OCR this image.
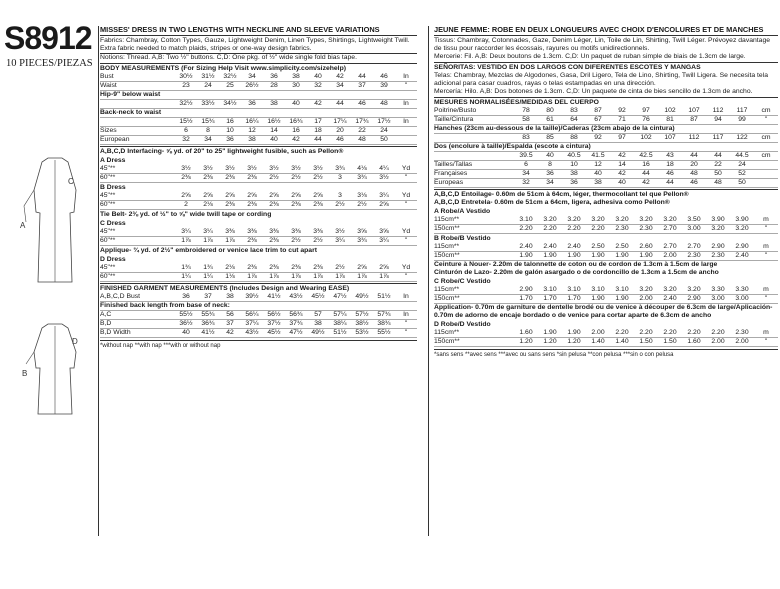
S8912
10 PIECES/PIEZAS
C
A
D
B
MISSES' DRESS IN TWO LENGTHS WITH NECKLINE AND SLEEVE VARIATIONS
Fabrics: Chambray, Cotton Types, Gauze, Lightweight Denim, Linen Types, Shirtings, Lightweight Twill. Extra fabric needed to match plaids, stripes or one-way design fabrics.
Notions: Thread. A,B: Two ½" buttons. C,D: One pkg. of ½" wide single fold bias tape.
BODY MEASUREMENTS (For Sizing Help Visit www.simplicity.com/sizehelp)
Bust	30½	31½	32½	34	36	38	40	42	44	46	In
Waist	23	24	25	26½	28	30	32	34	37	39	"
Hip-9" below waist
32½	33½	34½	36	38	40	42	44	46	48	In
Back-neck to waist
15½	15¾	16	16¼	16½	16¾	17	17¼	17¾	17½	In
Sizes	6	8	10	12	14	16	18	20	22	24
European	32	34	36	38	40	42	44	46	48	50
A,B,C,D Interfacing- ⅝ yd. of 20" to 25" lightweight fusible, such as Pellon®
A Dress
45"**	3½	3½	3½	3½	3½	3½	3½	3¾	4⅛	4¼	Yd
60"**	2⅜	2⅜	2⅜	2⅜	2½	2½	2½	3	3¾	3½	"
B Dress
45"**	2⅝	2⅝	2⅝	2⅝	2⅝	2⅝	2⅝	3	3⅛	3¼	Yd
60"**	2	2⅛	2⅜	2⅜	2⅜	2⅜	2⅜	2½	2½	2⅝	"
Tie Belt- 2⅜ yd. of ½" to ⅝" wide twill tape or cording
C Dress
45"**	3¼	3¼	3⅜	3⅜	3⅜	3⅜	3⅜	3½	3⅝	3⅝	Yd
60"**	1⅞	1⅞	1⅞	2⅜	2⅜	2½	2½	3¼	3¾	3¼	"
Applique- ¾ yd. of 2½" embroidered or venice lace trim to cut apart
D Dress
45"**	1¾	1¾	2⅛	2⅜	2⅜	2⅜	2⅜	2½	2⅝	2⅝	Yd
60"**	1¼	1¼	1⅛	1⅞	1⅞	1⅞	1⅞	1⅞	1⅞	1⅞	"
FINISHED GARMENT MEASUREMENTS (Includes Design and Wearing EASE)
A,B,C,D Bust	36	37	38	39½	41½	43½	45½	47½	49½	51½	In
Finished back length from base of neck:
A,C	55½	55¾	56	56¼	56½	56¾	57	57¼	57½	57¾	In
B,D	36½	36¾	37	37¼	37½	37¾	38	38¼	38½	38¾	"
B,D Width	40	41½	42	43½	45½	47½	49½	51½	53½	55½	"
*without nap **with nap ***with or without nap
JEUNE FEMME: ROBE EN DEUX LONGUEURS AVEC CHOIX D'ENCOLURES ET DE MANCHES
Tissus: Chambray, Cotonnades, Gaze, Denim Léger, Lin, Toile de Lin, Shirting, Twill Léger. Prévoyez davantage de tissu pour raccorder les écossais, rayures ou motifs unidirectionnels.
Mercerie: Fil. A,B: Deux boutons de 1.3cm. C,D: Un paquet de ruban simple de biais de 1.3cm de large.
SEÑORITAS: VESTIDO EN DOS LARGOS CON DIFERENTES ESCOTES Y MANGAS
Telas: Chambray, Mezclas de Algodones, Gasa, Dril Ligero, Tela de Lino, Shirting, Twill Ligera. Se necesita tela adicional para casar cuadros, rayas o telas estampadas en una dirección.
Mercería: Hilo. A,B: Dos botones de 1.3cm. C,D: Un paquete de cinta de bies sencillo de 1.3cm de ancho.
MESURES NORMALISÉES/MEDIDAS DEL CUERPO
Poitrine/Busto	78	80	83	87	92	97	102	107	112	117	cm
Taille/Cintura	58	61	64	67	71	76	81	87	94	99	"
Hanches (23cm au-dessous de la taille)/Caderas (23cm abajo de la cintura)
83	85	88	92	97	102	107	112	117	122	cm
Dos (encolure à taille)/Espalda (escote a cintura)
39.5	40	40.5	41.5	42	42.5	43	44	44	44.5	cm
Tailles/Tallas	6	8	10	12	14	16	18	20	22	24
Françaises	34	36	38	40	42	44	46	48	50	52
Europeas	32	34	36	38	40	42	44	46	48	50
A,B,C,D Entoilage- 0.60m de 51cm à 64cm, léger, thermocollant tel que Pellon®
A,B,C,D Entretela- 0.60m de 51cm a 64cm, ligera, adhesiva como Pellon®
A Robe/A Vestido
115cm**	3.10	3.20	3.20	3.20	3.20	3.20	3.20	3.50	3.90	3.90	m
150cm**	2.20	2.20	2.20	2.20	2.30	2.30	2.70	3.00	3.20	3.20	"
B Robe/B Vestido
115cm**	2.40	2.40	2.40	2.50	2.50	2.60	2.70	2.70	2.90	2.90	m
150cm**	1.90	1.90	1.90	1.90	1.90	1.90	2.00	2.30	2.30	2.40	"
Ceinture à Nouer- 2.20m de talonnette de coton ou de cordon de 1.3cm à 1.5cm de large
Cinturón de Lazo- 2.20m de galón asargado o de cordoncillo de 1.3cm a 1.5cm de ancho
C Robe/C Vestido
115cm**	2.90	3.10	3.10	3.10	3.10	3.20	3.20	3.20	3.30	3.30	m
150cm**	1.70	1.70	1.70	1.90	1.90	2.00	2.40	2.90	3.00	3.00	"
Application- 0.70m de garniture de dentelle brodé ou de venice à découper de 6.3cm de large/Aplicación- 0.70m de adorno de encaje bordado o de venice para cortar aparte de 6.3cm de ancho
D Robe/D Vestido
115cm**	1.60	1.90	1.90	2.00	2.20	2.20	2.20	2.20	2.20	2.30	m
150cm**	1.20	1.20	1.20	1.40	1.40	1.50	1.50	1.60	2.00	2.00	"
*sans sens **avec sens ***avec ou sans sens *sin pelusa **con pelusa ***sin o con pelusa
